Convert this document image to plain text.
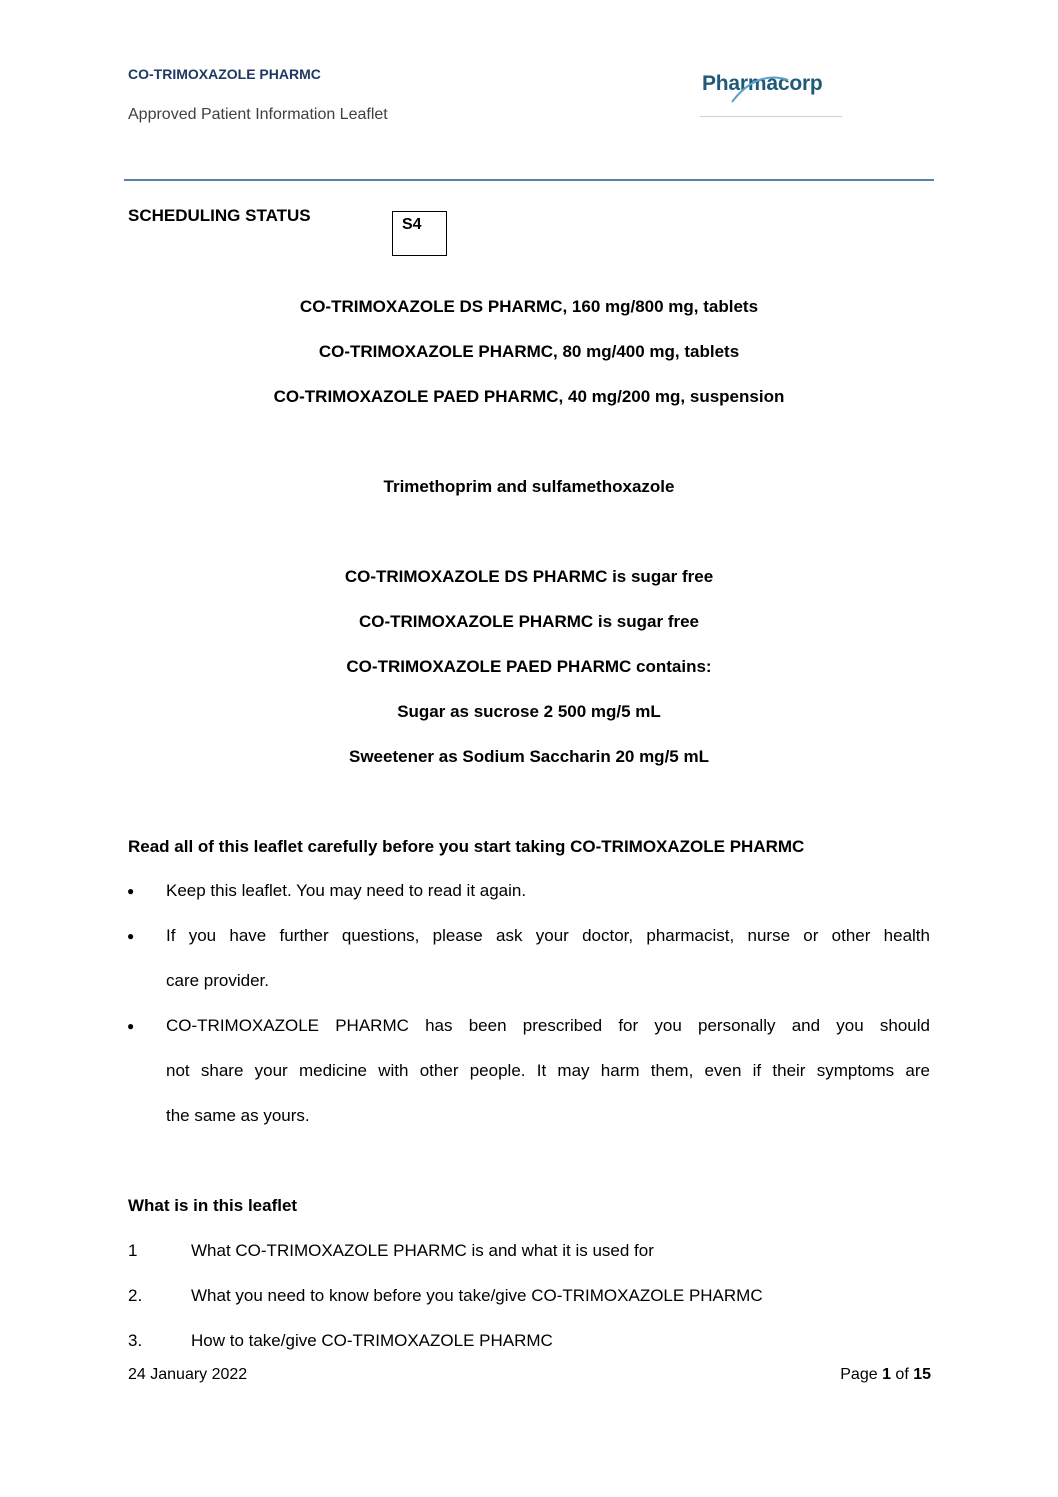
CO-TRIMOXAZOLE PHARMC
Approved Patient Information Leaflet
Pharmacorp
SCHEDULING STATUS	S4
CO-TRIMOXAZOLE DS PHARMC, 160 mg/800 mg, tablets
CO-TRIMOXAZOLE PHARMC, 80 mg/400 mg, tablets
CO-TRIMOXAZOLE PAED PHARMC, 40 mg/200 mg, suspension
Trimethoprim and sulfamethoxazole
CO-TRIMOXAZOLE DS PHARMC is sugar free
CO-TRIMOXAZOLE PHARMC is sugar free
CO-TRIMOXAZOLE PAED PHARMC contains:
Sugar as sucrose 2 500 mg/5 mL
Sweetener as Sodium Saccharin 20 mg/5 mL
Read all of this leaflet carefully before you start taking CO-TRIMOXAZOLE PHARMC
● Keep this leaflet. You may need to read it again.
● If you have further questions, please ask your doctor, pharmacist, nurse or other health
care provider.
● CO-TRIMOXAZOLE PHARMC has been prescribed for you personally and you should
not share your medicine with other people. It may harm them, even if their symptoms are
the same as yours.
What is in this leaflet
1	What CO-TRIMOXAZOLE PHARMC is and what it is used for
2.	What you need to know before you take/give CO-TRIMOXAZOLE PHARMC
3.	How to take/give CO-TRIMOXAZOLE PHARMC
24 January 2022	Page 1 of 15
